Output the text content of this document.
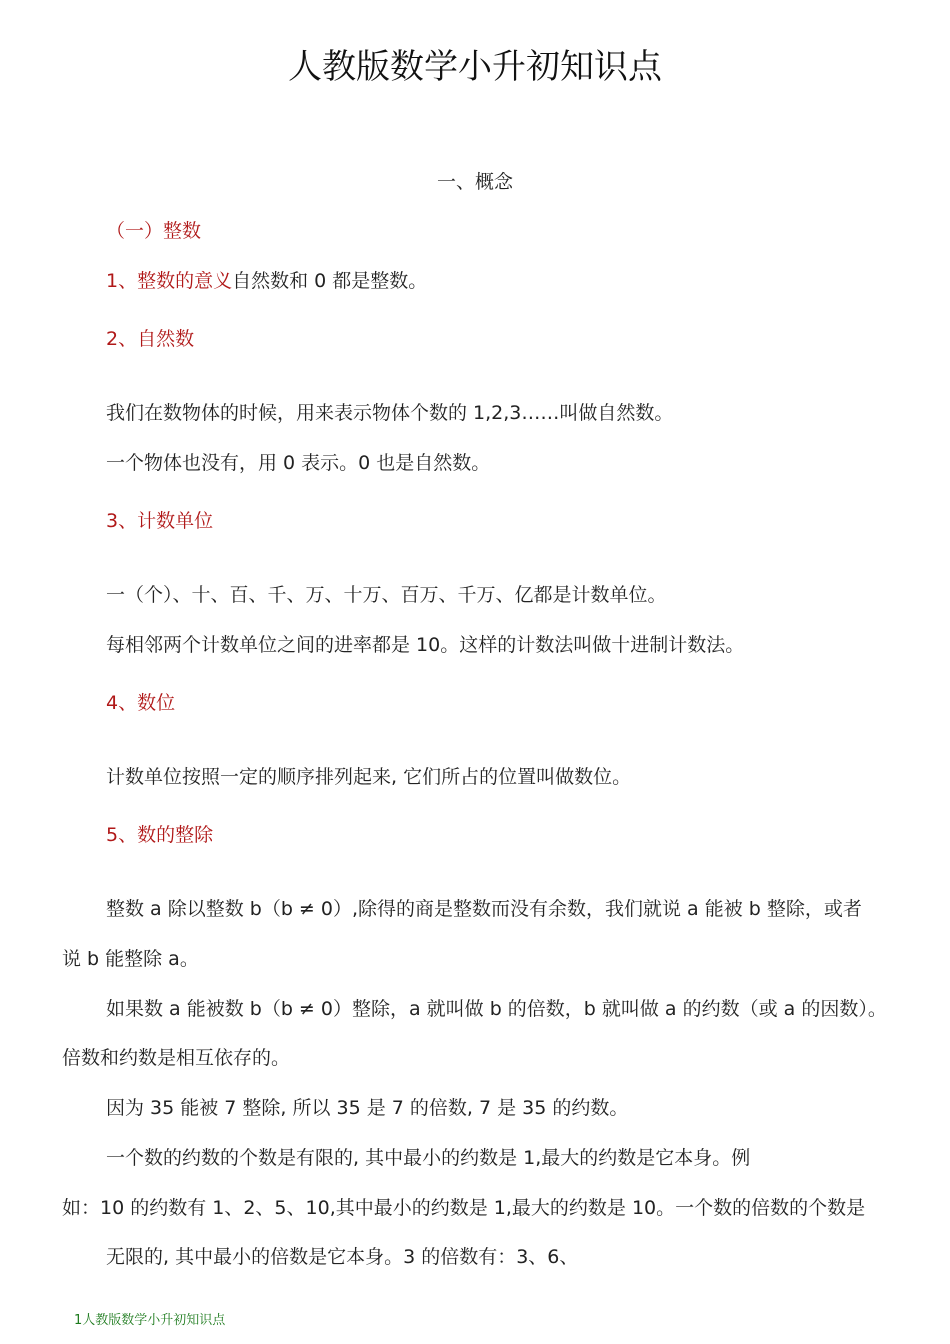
人教版数学小升初知识点
一、概念
（一）整数
1、整数的意义自然数和 0 都是整数。
2、自然数
我们在数物体的时候，用来表示物体个数的 1,2,3……叫做自然数。
一个物体也没有，用 0 表示。0 也是自然数。
3、计数单位
一（个）、十、百、千、万、十万、百万、千万、亿都是计数单位。
每相邻两个计数单位之间的进率都是 10。这样的计数法叫做十进制计数法。
4、数位
计数单位按照一定的顺序排列起来, 它们所占的位置叫做数位。
5、数的整除
整数 a 除以整数 b（b ≠ 0）,除得的商是整数而没有余数，我们就说 a 能被 b 整除，或者
说 b 能整除 a。
如果数 a 能被数 b（b ≠ 0）整除，a 就叫做 b 的倍数，b 就叫做 a 的约数（或 a 的因数）。
倍数和约数是相互依存的。
因为 35 能被 7 整除, 所以 35 是 7 的倍数, 7 是 35 的约数。
一个数的约数的个数是有限的, 其中最小的约数是 1,最大的约数是它本身。例
如：10 的约数有 1、2、5、10,其中最小的约数是 1,最大的约数是 10。一个数的倍数的个数是
无限的, 其中最小的倍数是它本身。3 的倍数有：3、6、
1人教版数学小升初知识点
